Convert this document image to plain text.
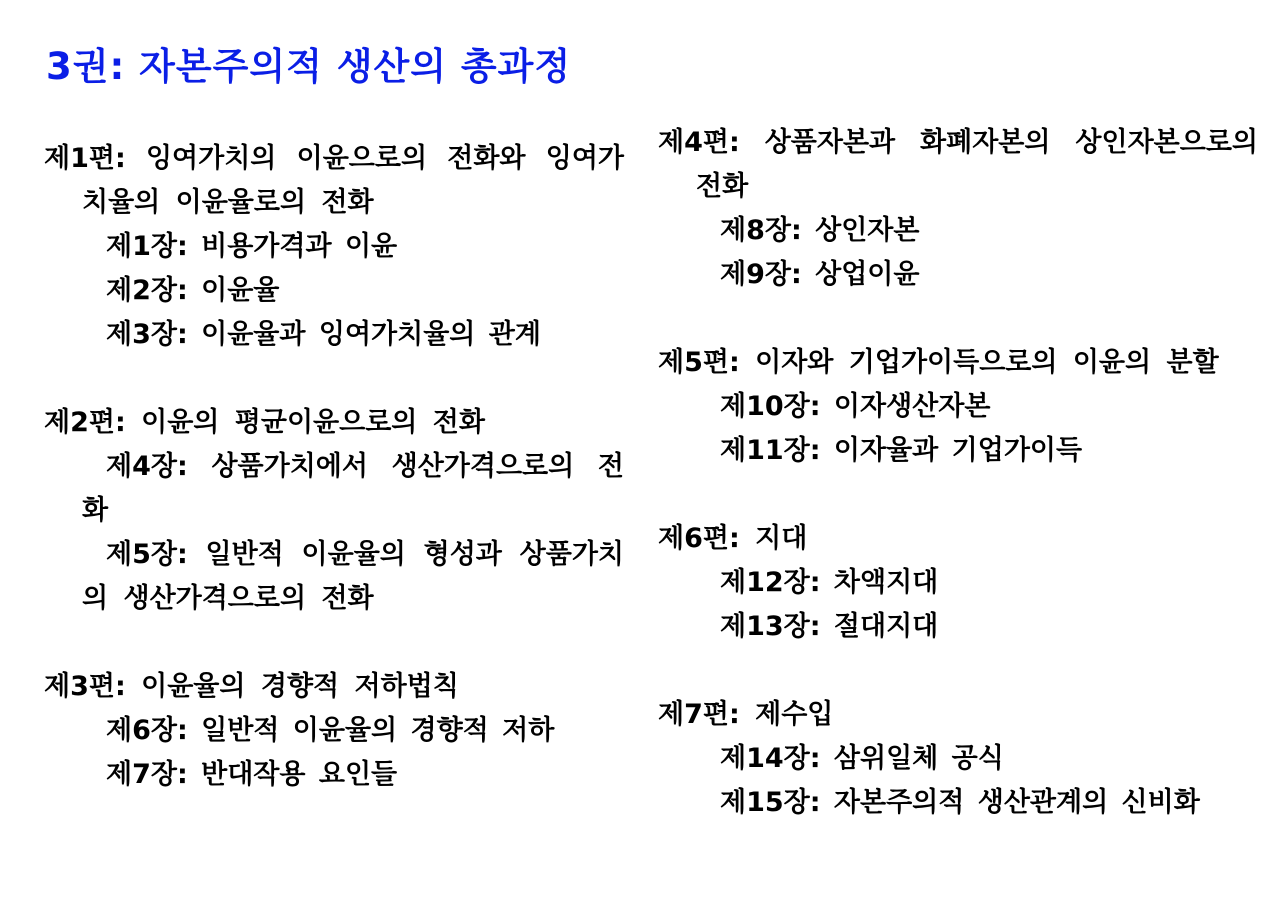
3권: 자본주의적 생산의 총과정
제1편: 잉여가치의 이윤으로의 전화와 잉여가치율의 이윤율로의 전화
제1장: 비용가격과 이윤
제2장: 이윤율
제3장: 이윤율과 잉여가치율의 관계
제2편: 이윤의 평균이윤으로의 전화
제4장: 상품가치에서 생산가격으로의 전화
제5장: 일반적 이윤율의 형성과 상품가치의 생산가격으로의 전화
제3편: 이윤율의 경향적 저하법칙
제6장: 일반적 이윤율의 경향적 저하
제7장: 반대작용 요인들
제4편: 상품자본과 화폐자본의 상인자본으로의 전화
제8장: 상인자본
제9장: 상업이윤
제5편: 이자와 기업가이득으로의 이윤의 분할
제10장: 이자생산자본
제11장: 이자율과 기업가이득
제6편: 지대
제12장: 차액지대
제13장: 절대지대
제7편: 제수입
제14장: 삼위일체 공식
제15장: 자본주의적 생산관계의 신비화
